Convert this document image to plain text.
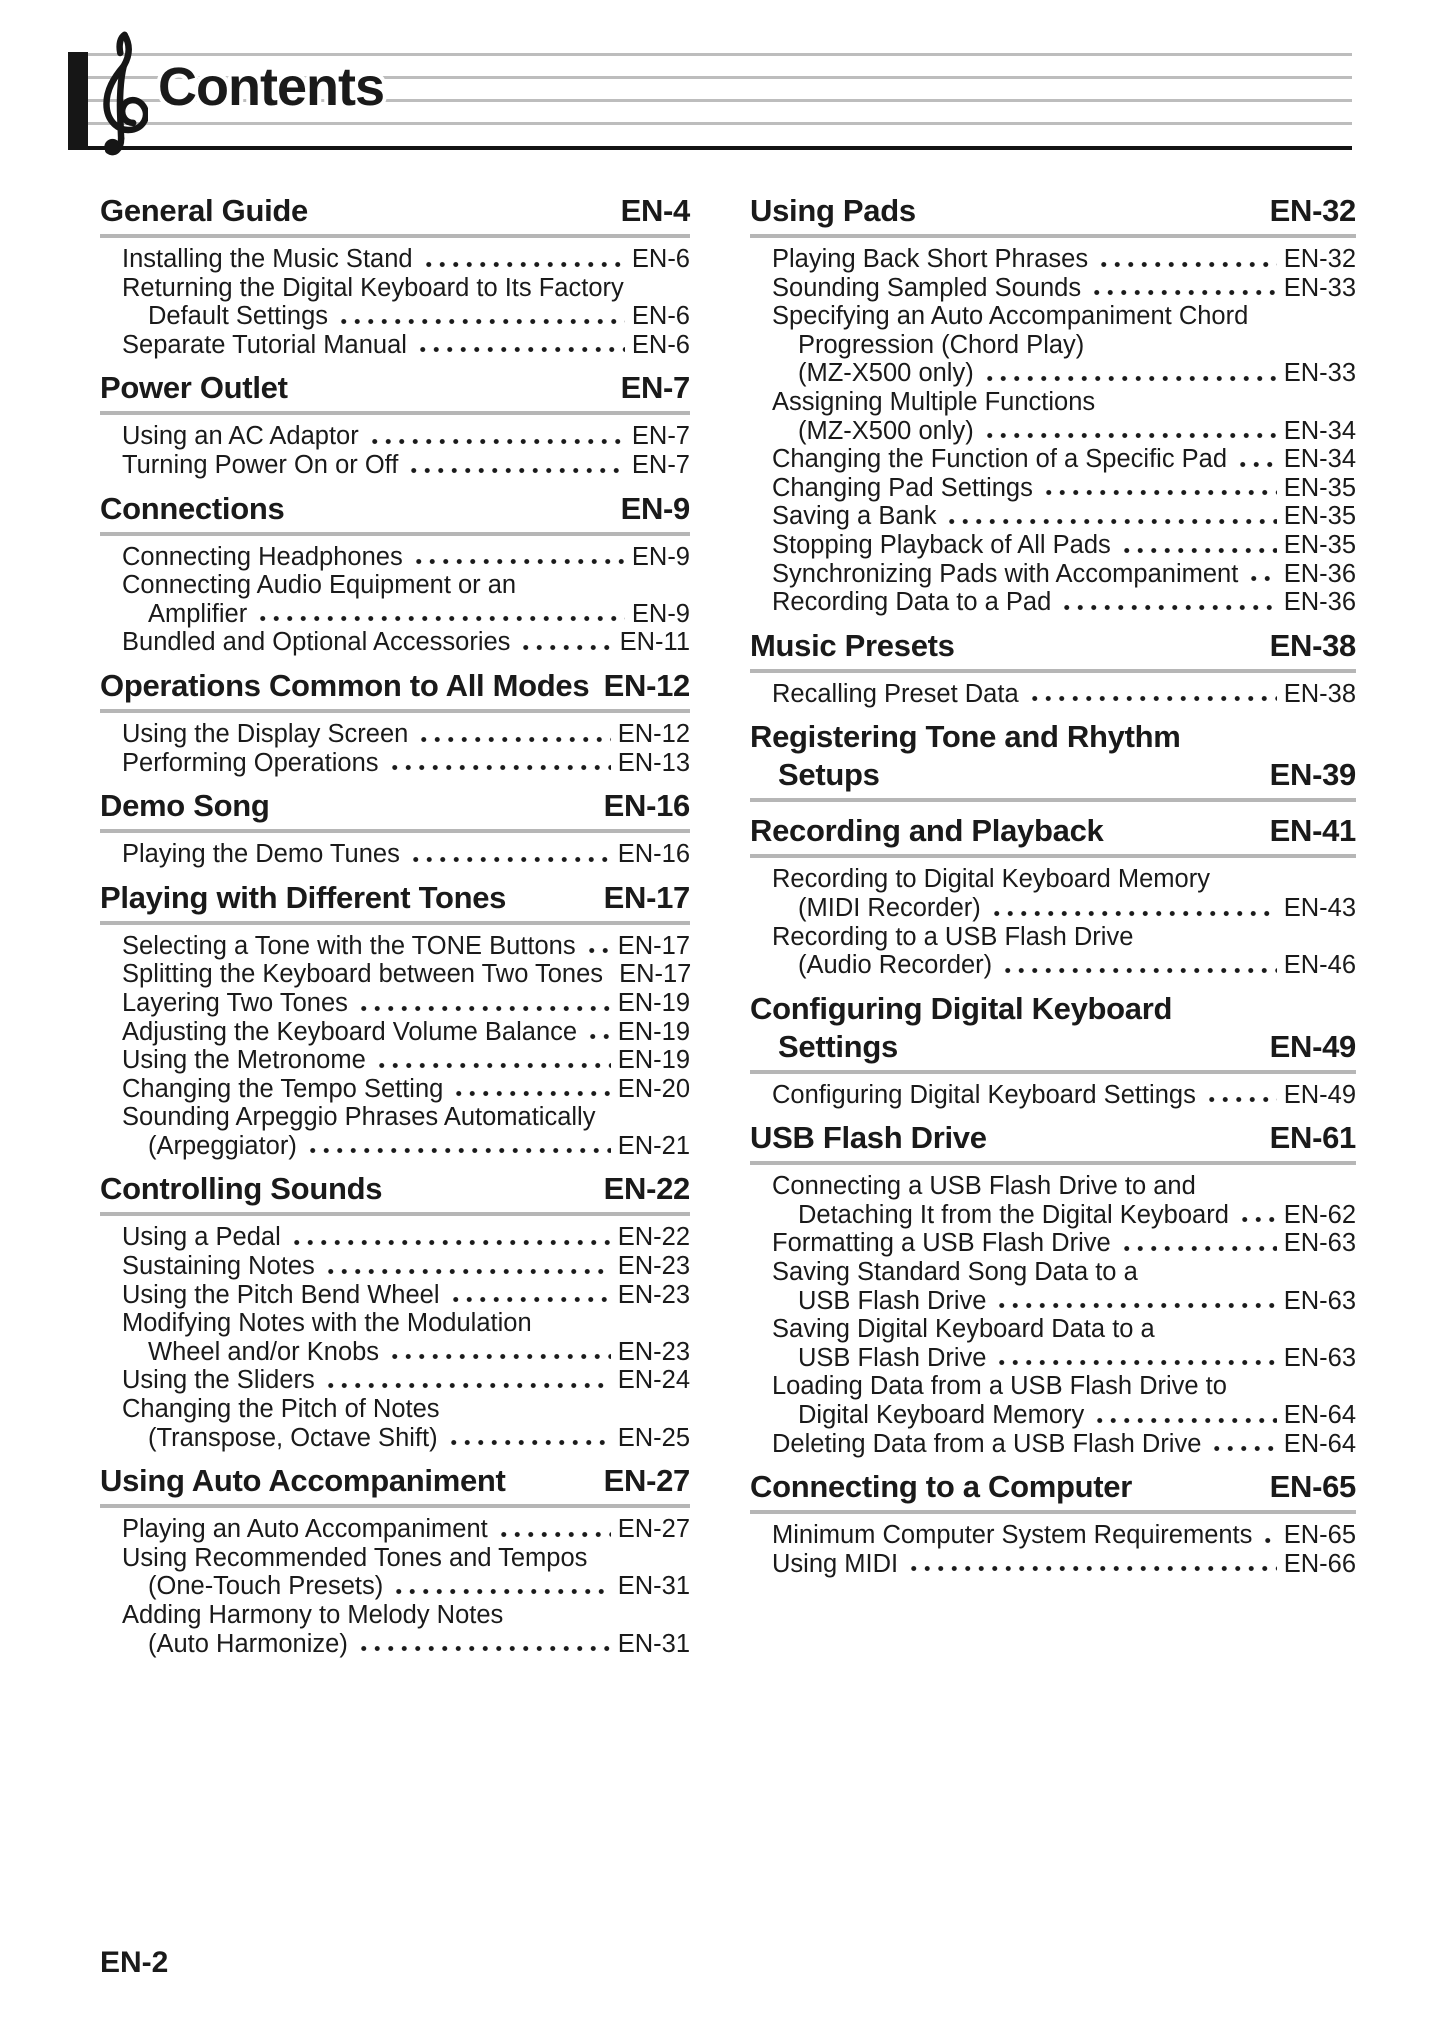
Contents
General Guide	EN-4
Installing the Music Stand	EN-6
Returning the Digital Keyboard to Its Factory
Default Settings	EN-6
Separate Tutorial Manual	EN-6
Power Outlet	EN-7
Using an AC Adaptor	EN-7
Turning Power On or Off	EN-7
Connections	EN-9
Connecting Headphones	EN-9
Connecting Audio Equipment or an
Amplifier	EN-9
Bundled and Optional Accessories	EN-11
Operations Common to All Modes EN-12
Using the Display Screen	EN-12
Performing Operations	EN-13
Demo Song	EN-16
Playing the Demo Tunes	EN-16
Playing with Different Tones	EN-17
Selecting a Tone with the TONE Buttons EN-17
Splitting the Keyboard between Two Tones EN-17
Layering Two Tones	EN-19
Adjusting the Keyboard Volume Balance EN-19
Using the Metronome	EN-19
Changing the Tempo Setting	EN-20
Sounding Arpeggio Phrases Automatically
(Arpeggiator)	EN-21
Controlling Sounds	EN-22
Using a Pedal	EN-22
Sustaining Notes	EN-23
Using the Pitch Bend Wheel	EN-23
Modifying Notes with the Modulation
Wheel and/or Knobs	EN-23
Using the Sliders	EN-24
Changing the Pitch of Notes
(Transpose, Octave Shift)	EN-25
Using Auto Accompaniment	EN-27
Playing an Auto Accompaniment	EN-27
Using Recommended Tones and Tempos
(One-Touch Presets)	EN-31
Adding Harmony to Melody Notes
(Auto Harmonize)	EN-31
Using Pads	EN-32
Playing Back Short Phrases	EN-32
Sounding Sampled Sounds	EN-33
Specifying an Auto Accompaniment Chord
Progression (Chord Play)
(MZ-X500 only)	EN-33
Assigning Multiple Functions
(MZ-X500 only)	EN-34
Changing the Function of a Specific Pad EN-34
Changing Pad Settings	EN-35
Saving a Bank	EN-35
Stopping Playback of All Pads	EN-35
Synchronizing Pads with Accompaniment EN-36
Recording Data to a Pad	EN-36
Music Presets	EN-38
Recalling Preset Data	EN-38
Registering Tone and Rhythm
Setups	EN-39
Recording and Playback	EN-41
Recording to Digital Keyboard Memory
(MIDI Recorder)	EN-43
Recording to a USB Flash Drive
(Audio Recorder)	EN-46
Configuring Digital Keyboard
Settings	EN-49
Configuring Digital Keyboard Settings	EN-49
USB Flash Drive	EN-61
Connecting a USB Flash Drive to and
Detaching It from the Digital Keyboard EN-62
Formatting a USB Flash Drive	EN-63
Saving Standard Song Data to a
USB Flash Drive	EN-63
Saving Digital Keyboard Data to a
USB Flash Drive	EN-63
Loading Data from a USB Flash Drive to
Digital Keyboard Memory	EN-64
Deleting Data from a USB Flash Drive	EN-64
Connecting to a Computer	EN-65
Minimum Computer System Requirements EN-65
Using MIDI	EN-66
EN-2
